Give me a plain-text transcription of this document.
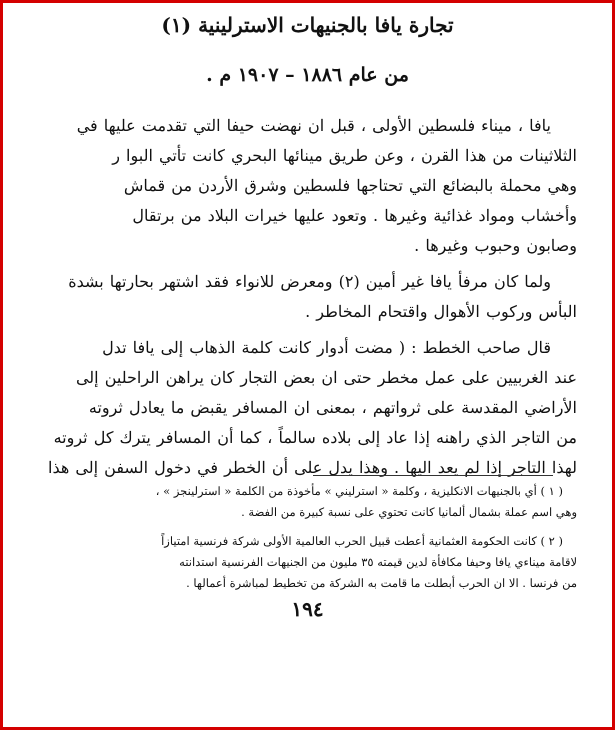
تجارة يافا بالجنيهات الاسترلينية (١)
من عام ١٨٨٦ – ١٩٠٧ م .

يافا ، ميناء فلسطين الأولى ، قبل ان نهضت حيفا التي تقدمت عليها في

الثلاثينات من هذا القرن ، وعن طريق مينائها البحري كانت تأتي البوا ر

وهي محملة بالبضائع التي تحتاجها فلسطين وشرق الأردن من قماش

وأخشاب ومواد غذائية وغيرها . وتعود عليها خيرات البلاد من برتقال

وصابون وحبوب وغيرها .

ولما كان مرفأ يافا غير أمين (٢) ومعرض للانواء فقد اشتهر بحارتها بشدة

البأس وركوب الأهوال واقتحام المخاطر .

قال صاحب الخطط : ( مضت أدوار كانت كلمة الذهاب إلى يافا تدل

عند الغربيين على عمل مخطر حتى ان بعض التجار كان يراهن الراحلين إلى

الأراضي المقدسة على ثرواتهم ، بمعنى ان المسافر يقبض ما يعادل ثروته

من التاجر الذي راهنه إذا عاد إلى بلاده سالماً ، كما أن المسافر يترك كل ثروته

لهذا التاجر إذا لم يعد اليها . وهذا يدل على أن الخطر في دخول السفن إلى هذا

( ١ ) أي بالجنيهات الانكليزية ، وكلمة « استرليني » مأخوذة من الكلمة « استرلينجز » ،

وهي اسم عملة بشمال ألمانيا كانت تحتوي على نسبة كبيرة من الفضة .

( ٢ ) كانت الحكومة العثمانية أعطت قبيل الحرب العالمية الأولى شركة فرنسية امتيازاً

لاقامة ميناءي يافا وحيفا مكافأة لدين قيمته ٣٥ مليون من الجنيهات الفرنسية استدانته

من فرنسا . الا ان الحرب أبطلت ما قامت به الشركة من تخطيط لمباشرة أعمالها .

١٩٤
